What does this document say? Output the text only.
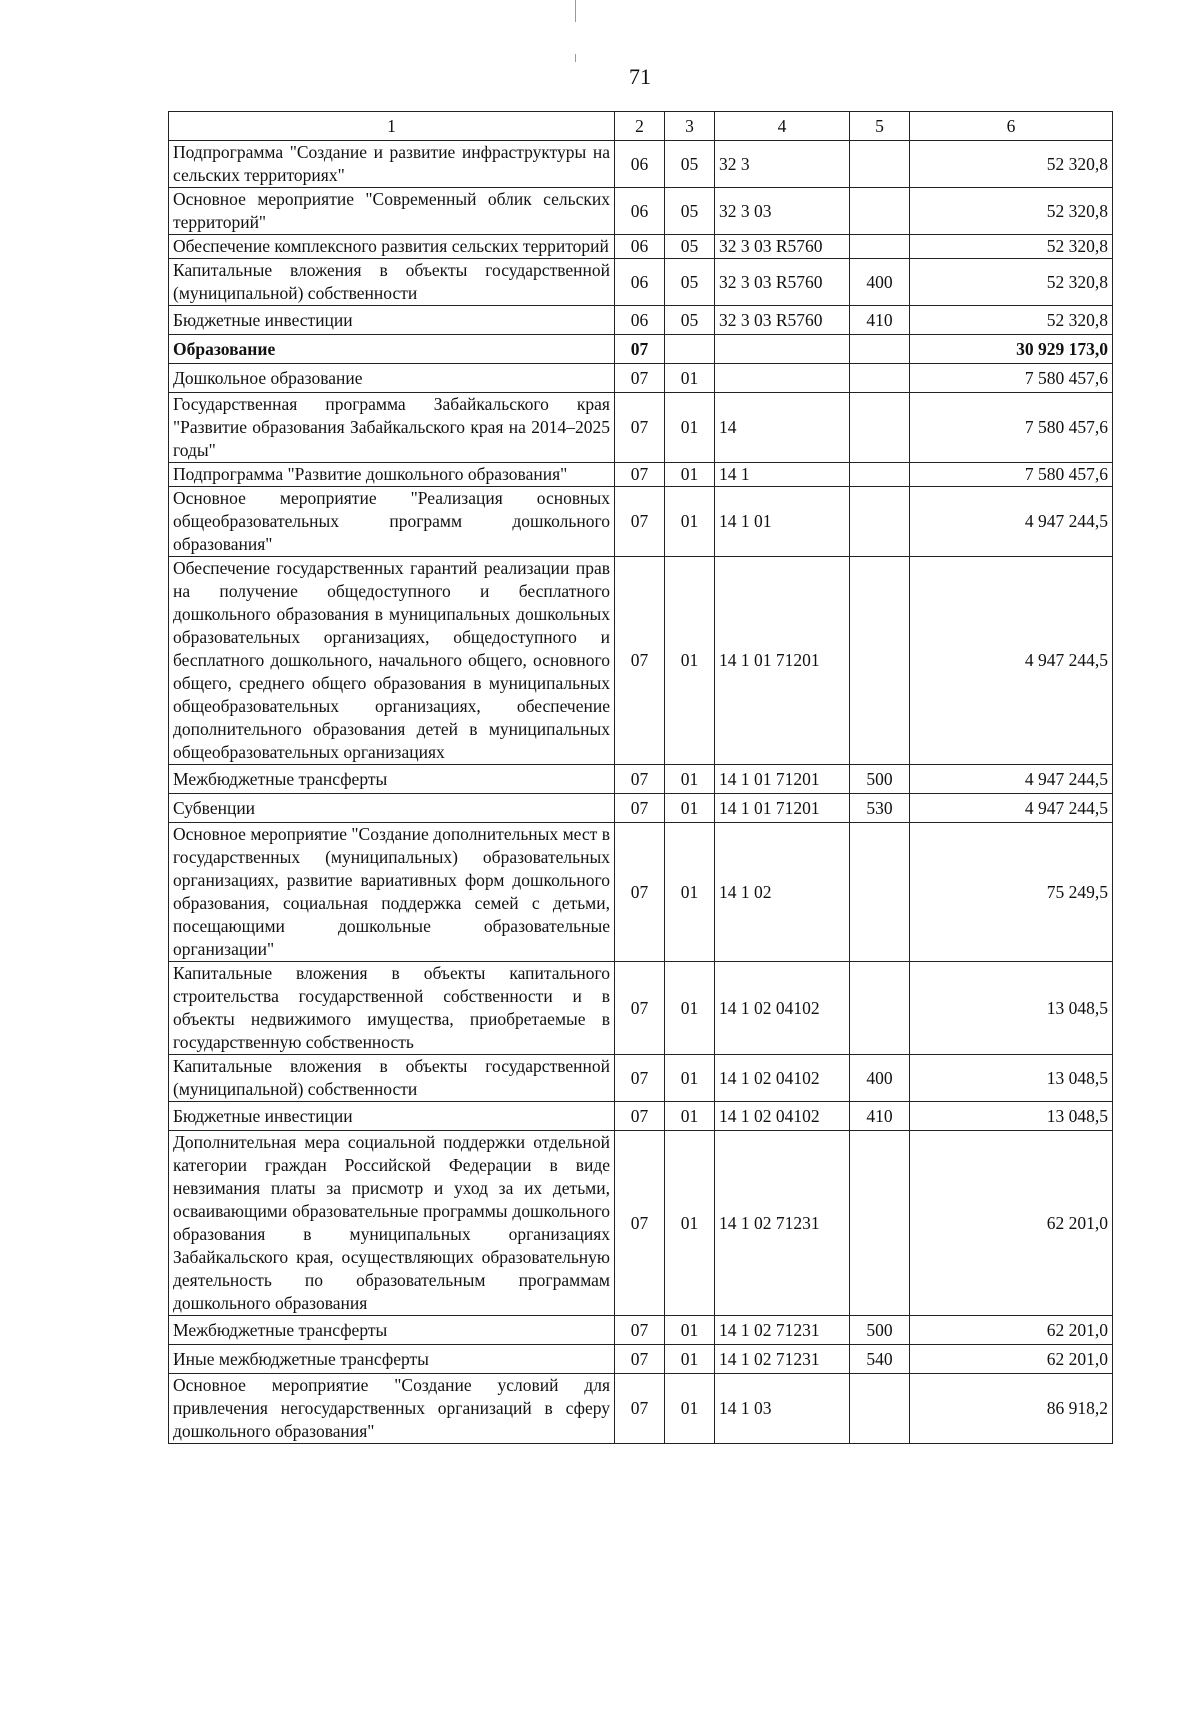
71
1	2	3	4	5	6
Подпрограмма "Создание и развитие инфраструктуры на сельских территориях"	06	05	32 3		52 320,8
Основное мероприятие "Современный облик сельских территорий"	06	05	32 3 03		52 320,8
Обеспечение комплексного развития сельских территорий	06	05	32 3 03 R5760		52 320,8
Капитальные вложения в объекты государственной (муниципальной) собственности	06	05	32 3 03 R5760	400	52 320,8
Бюджетные инвестиции	06	05	32 3 03 R5760	410	52 320,8
Образование	07				30 929 173,0
Дошкольное образование	07	01			7 580 457,6
Государственная программа Забайкальского края "Развитие образования Забайкальского края на 2014–2025 годы"	07	01	14		7 580 457,6
Подпрограмма "Развитие дошкольного образования"	07	01	14 1		7 580 457,6
Основное мероприятие "Реализация основных общеобразовательных программ дошкольного образования"	07	01	14 1 01		4 947 244,5
Обеспечение государственных гарантий реализации прав на получение общедоступного и бесплатного дошкольного образования в муниципальных дошкольных образовательных организациях, общедоступного и бесплатного дошкольного, начального общего, основного общего, среднего общего образования в муниципальных общеобразовательных организациях, обеспечение дополнительного образования детей в муниципальных общеобразовательных организациях	07	01	14 1 01 71201		4 947 244,5
Межбюджетные трансферты	07	01	14 1 01 71201	500	4 947 244,5
Субвенции	07	01	14 1 01 71201	530	4 947 244,5
Основное мероприятие "Создание дополнительных мест в государственных (муниципальных) образовательных организациях, развитие вариативных форм дошкольного образования, социальная поддержка семей с детьми, посещающими дошкольные образовательные организации"	07	01	14 1 02		75 249,5
Капитальные вложения в объекты капитального строительства государственной собственности и в объекты недвижимого имущества, приобретаемые в государственную собственность	07	01	14 1 02 04102		13 048,5
Капитальные вложения в объекты государственной (муниципальной) собственности	07	01	14 1 02 04102	400	13 048,5
Бюджетные инвестиции	07	01	14 1 02 04102	410	13 048,5
Дополнительная мера социальной поддержки отдельной категории граждан Российской Федерации в виде невзимания платы за присмотр и уход за их детьми, осваивающими образовательные программы дошкольного образования в муниципальных организациях Забайкальского края, осуществляющих образовательную деятельность по образовательным программам дошкольного образования	07	01	14 1 02 71231		62 201,0
Межбюджетные трансферты	07	01	14 1 02 71231	500	62 201,0
Иные межбюджетные трансферты	07	01	14 1 02 71231	540	62 201,0
Основное мероприятие "Создание условий для привлечения негосударственных организаций в сферу дошкольного образования"	07	01	14 1 03		86 918,2
